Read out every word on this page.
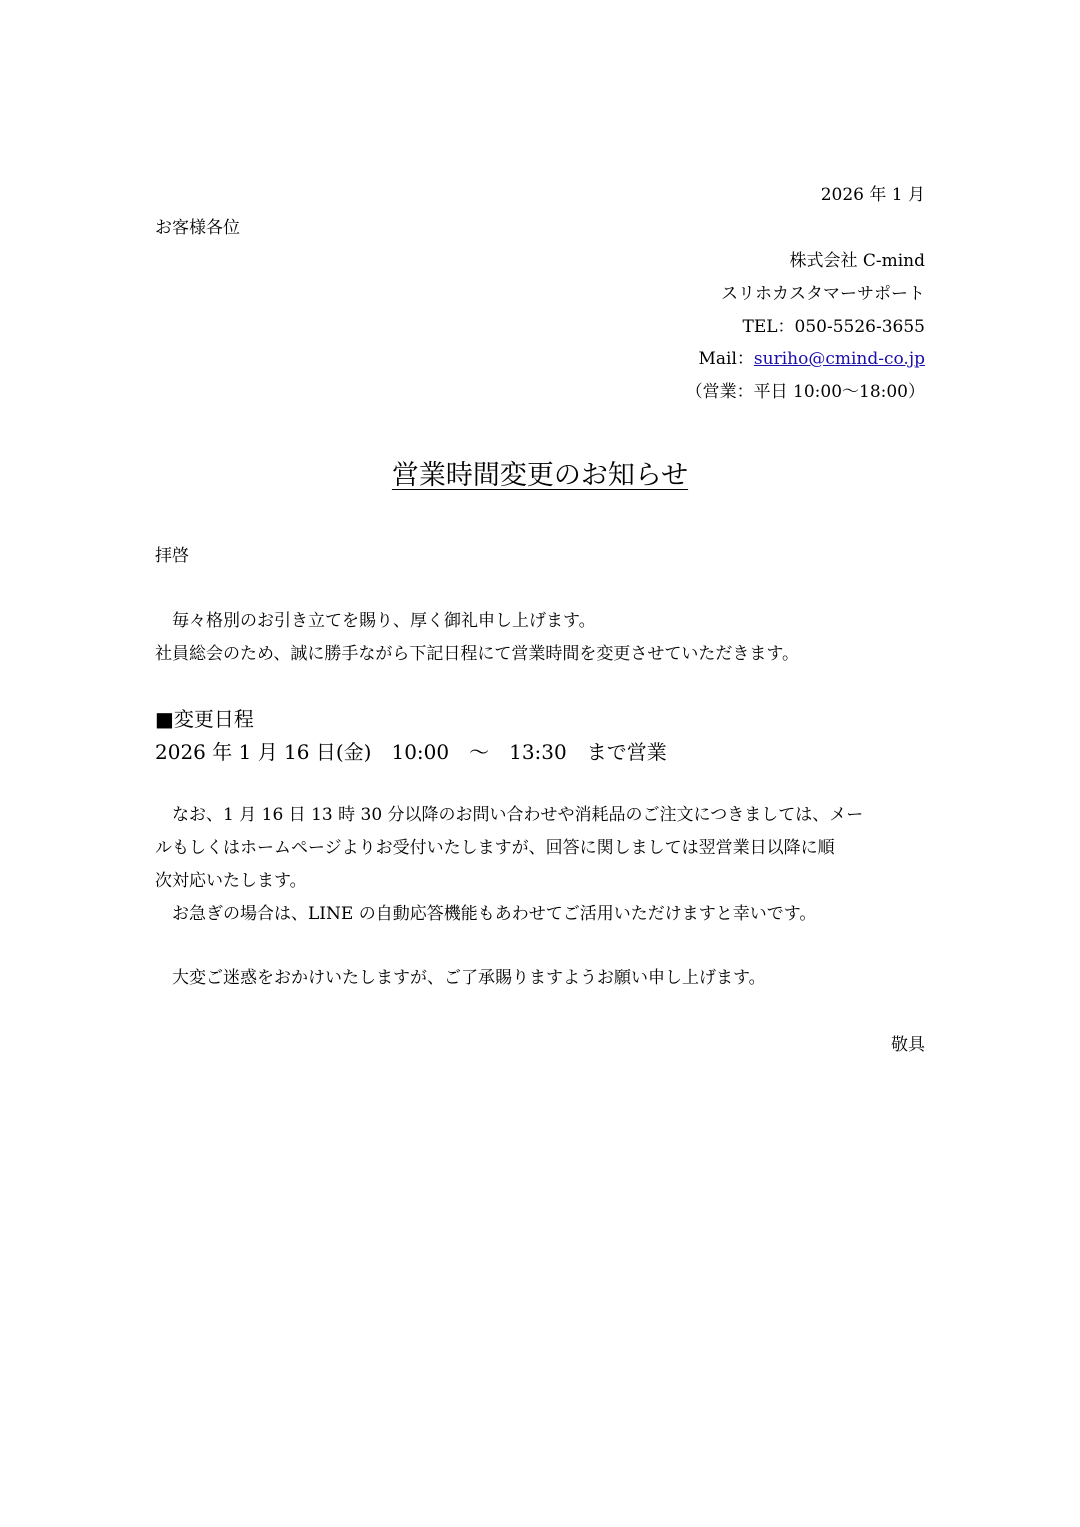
2026 年 1 月
お客様各位
株式会社 C-mind
スリホカスタマーサポート
TEL：050-5526-3655
Mail：suriho@cmind-co.jp
（営業：平日 10:00〜18:00）
営業時間変更のお知らせ
拝啓
　毎々格別のお引き立てを賜り、厚く御礼申し上げます。
社員総会のため、誠に勝手ながら下記日程にて営業時間を変更させていただきます。
■変更日程
2026 年 1 月 16 日(金)　10:00　～　13:30　まで営業
　なお、1 月 16 日 13 時 30 分以降のお問い合わせや消耗品のご注文につきましては、メー
ルもしくはホームページよりお受付いたしますが、回答に関しましては翌営業日以降に順
次対応いたします。
　お急ぎの場合は、LINE の自動応答機能もあわせてご活用いただけますと幸いです。
　大変ご迷惑をおかけいたしますが、ご了承賜りますようお願い申し上げます。
敬具
